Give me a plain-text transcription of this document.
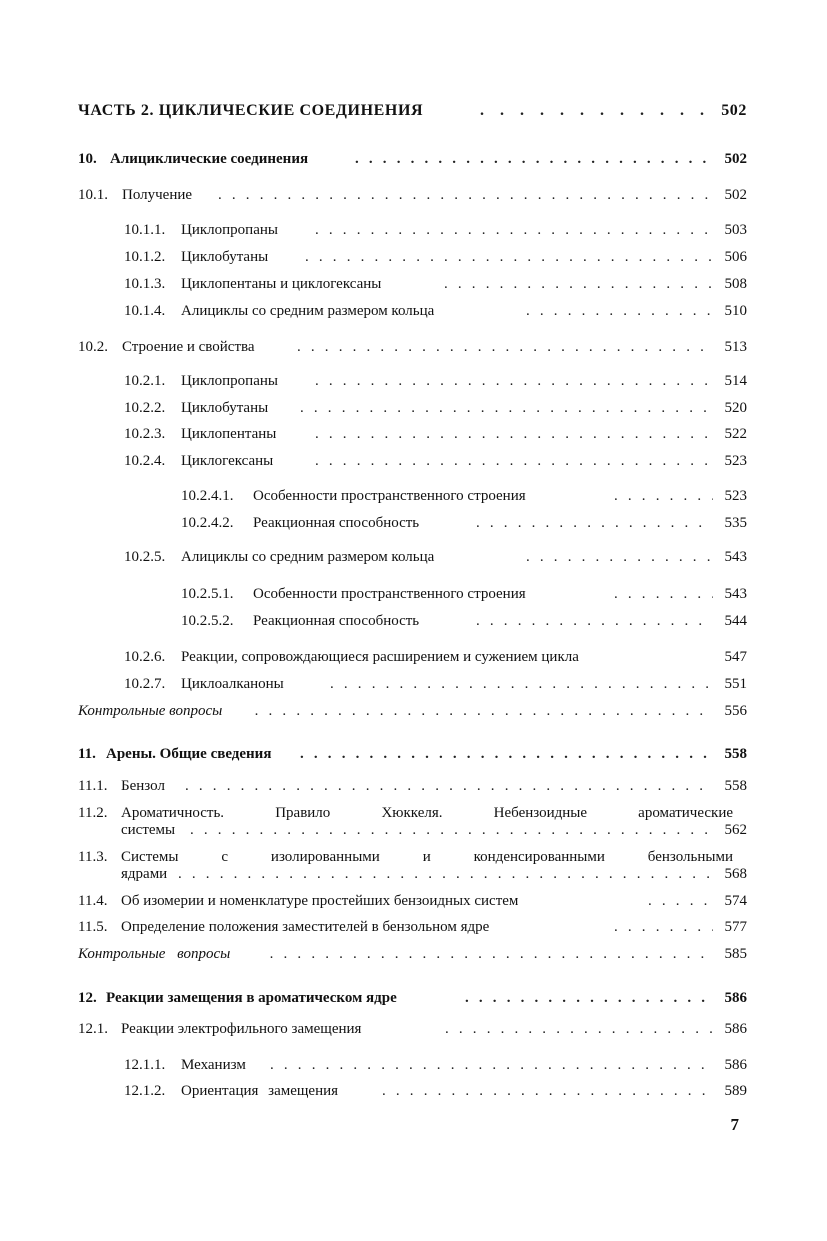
ЧАСТЬ 2. ЦИКЛИЧЕСКИЕ СОЕДИНЕНИЯ . . .	502
10. Алициклические соединения . . .	502
10.1. Получение . . .	502
10.1.1. Циклопропаны . . .	503
10.1.2. Циклобутаны . . .	506
10.1.3. Циклопентаны и циклогексаны . . .	508
10.1.4. Алициклы со средним размером кольца . . .	510
10.2. Строение и свойства . . .	513
10.2.1. Циклопропаны . . .	514
10.2.2. Циклобутаны . . .	520
10.2.3. Циклопентаны . . .	522
10.2.4. Циклогексаны . . .	523
10.2.4.1. Особенности пространственного строения . . .	523
10.2.4.2. Реакционная способность . . .	535
10.2.5. Алициклы со средним размером кольца . . .	543
10.2.5.1. Особенности пространственного строения . . .	543
10.2.5.2. Реакционная способность . . .	544
10.2.6. Реакции, сопровождающиеся расширением и сужением цикла	547
10.2.7. Циклоалканоны . . .	551
Контрольные вопросы . . .	556
11. Арены. Общие сведения . . .	558
11.1. Бензол . . .	558
11.2. Ароматичность. Правило Хюккеля. Небензоидные ароматические
системы . . .	562
11.3. Системы с изолированными и конденсированными бензольными
ядрами . . .	568
11.4. Об изомерии и номенклатуре простейших бензоидных систем . . .	574
11.5. Определение положения заместителей в бензольном ядре . . .	577
Контрольные вопросы . . .	585
12. Реакции замещения в ароматическом ядре . . .	586
12.1. Реакции электрофильного замещения . . .	586
12.1.1. Механизм . . .	586
12.1.2. Ориентация замещения . . .	589
7
